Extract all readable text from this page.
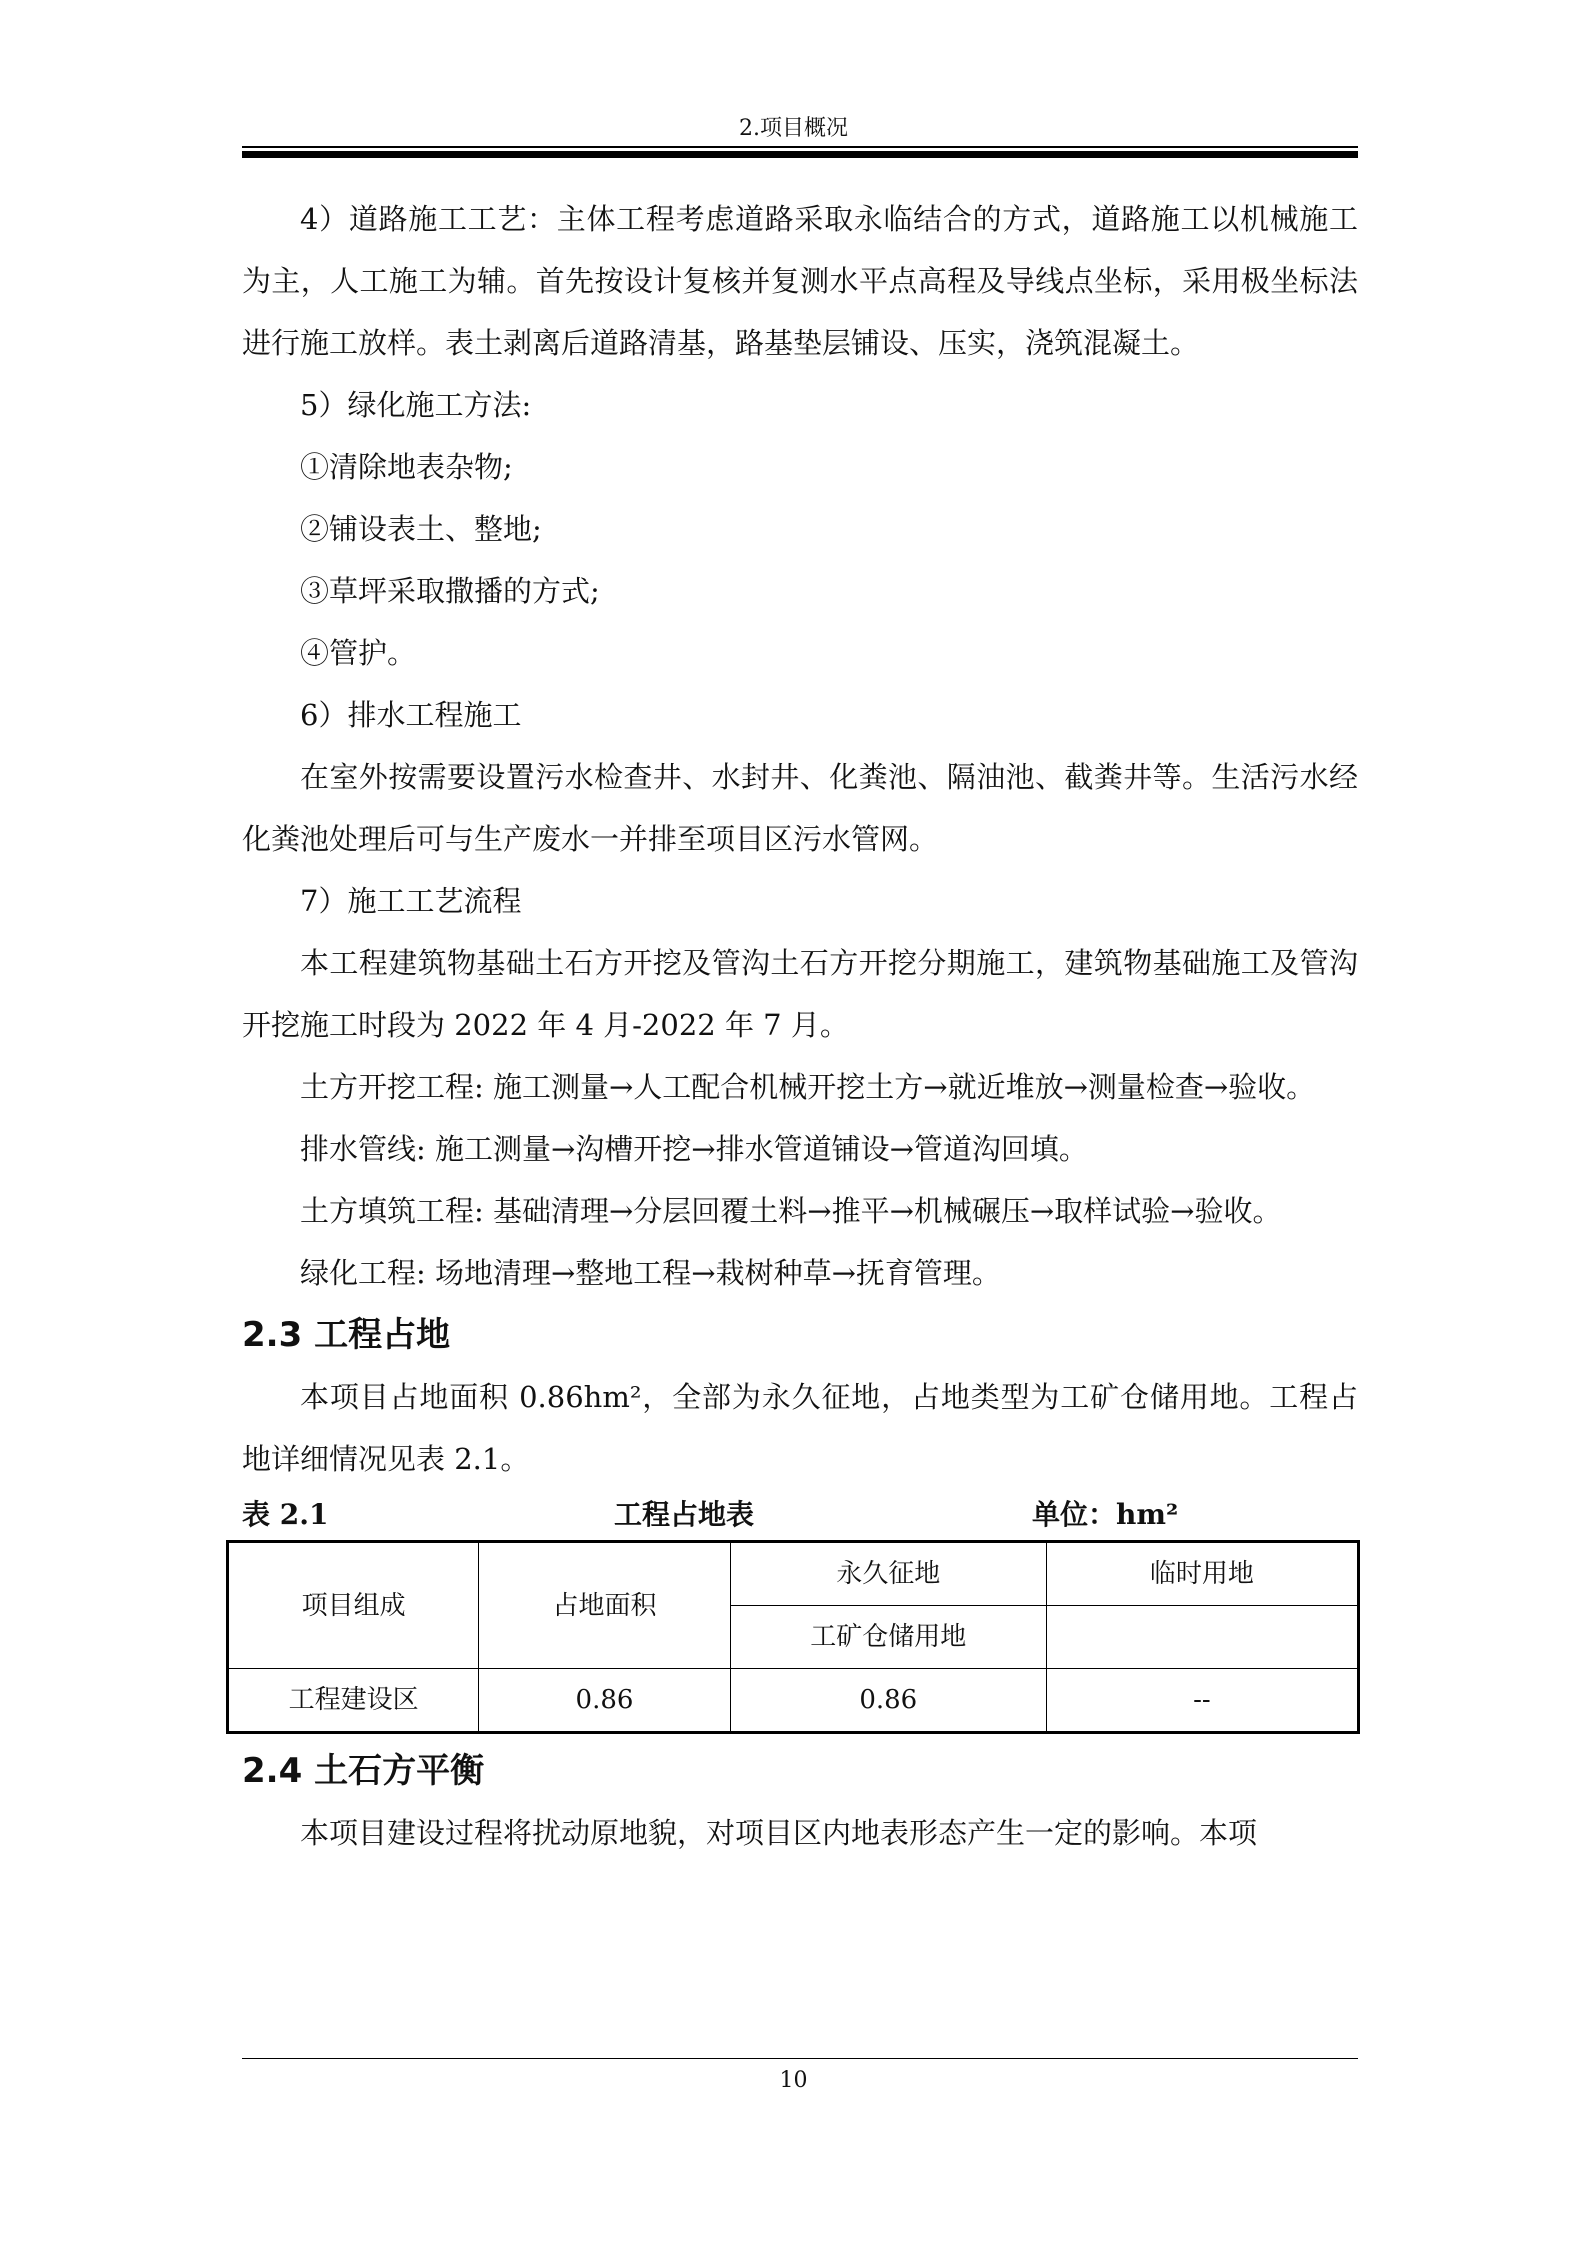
2.项目概况

4）道路施工工艺：主体工程考虑道路采取永临结合的方式，道路施工以机械施工为主，人工施工为辅。首先按设计复核并复测水平点高程及导线点坐标，采用极坐标法进行施工放样。表土剥离后道路清基，路基垫层铺设、压实，浇筑混凝土。

5）绿化施工方法:

①清除地表杂物;

②铺设表土、整地;

③草坪采取撒播的方式;

④管护。

6）排水工程施工

在室外按需要设置污水检查井、水封井、化粪池、隔油池、截粪井等。生活污水经化粪池处理后可与生产废水一并排至项目区污水管网。

7）施工工艺流程

本工程建筑物基础土石方开挖及管沟土石方开挖分期施工，建筑物基础施工及管沟开挖施工时段为 2022 年 4 月-2022 年 7 月。

土方开挖工程: 施工测量→人工配合机械开挖土方→就近堆放→测量检查→验收。

排水管线: 施工测量→沟槽开挖→排水管道铺设→管道沟回填。

土方填筑工程: 基础清理→分层回覆土料→推平→机械碾压→取样试验→验收。

绿化工程: 场地清理→整地工程→栽树种草→抚育管理。

2.3 工程占地

本项目占地面积 0.86hm²，全部为永久征地，占地类型为工矿仓储用地。工程占地详细情况见表 2.1。

表 2.1	工程占地表	单位：hm²
项目组成	占地面积	永久征地	临时用地
		工矿仓储用地	
工程建设区	0.86	0.86	--
2.4 土石方平衡

本项目建设过程将扰动原地貌，对项目区内地表形态产生一定的影响。本项

10
